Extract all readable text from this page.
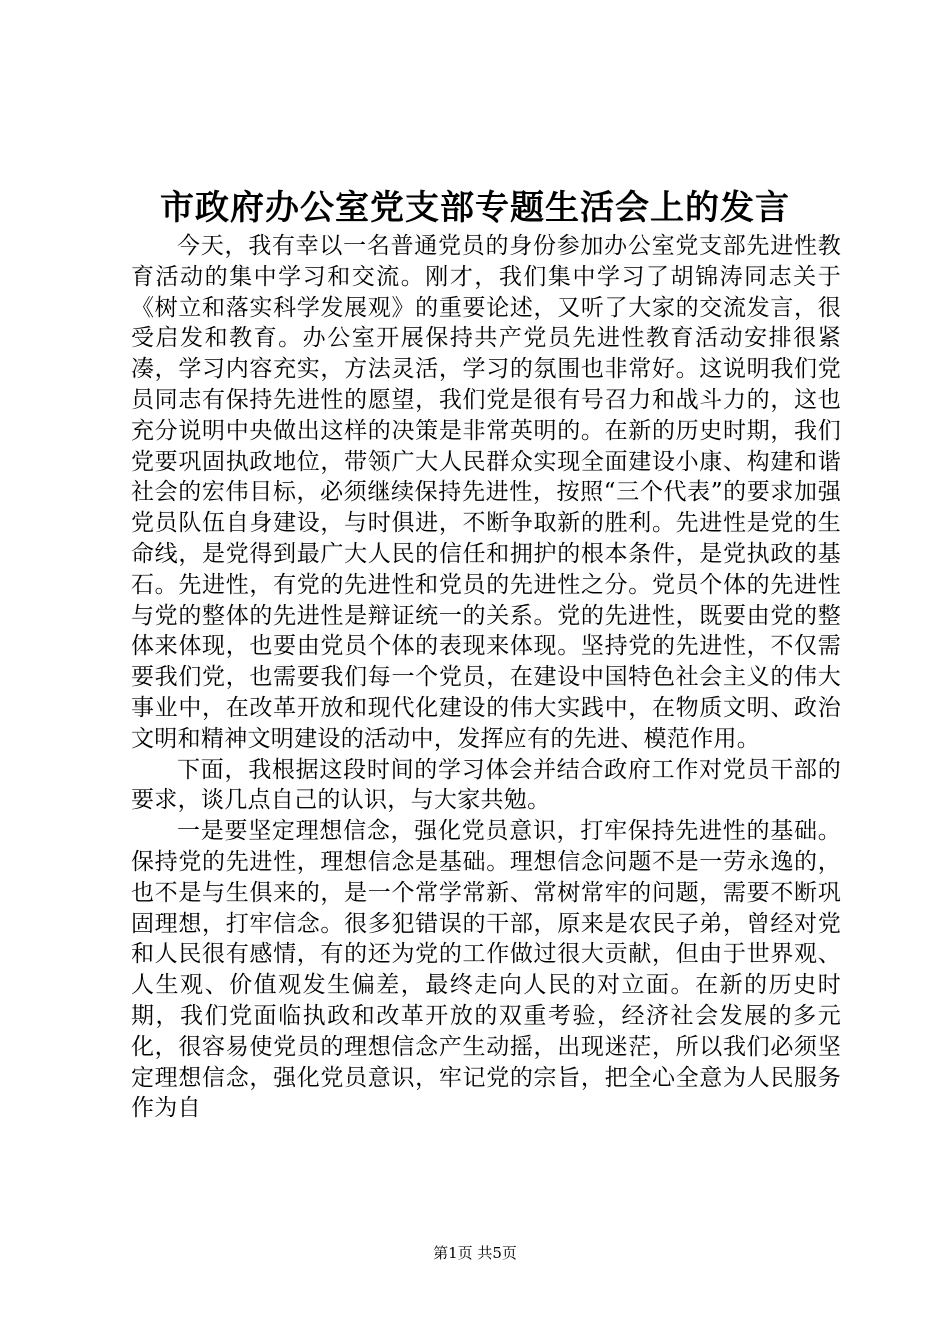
市政府办公室党支部专题生活会上的发言

今天，我有幸以一名普通党员的身份参加办公室党支部先进性教育活动的集中学习和交流。刚才，我们集中学习了胡锦涛同志关于《树立和落实科学发展观》的重要论述，又听了大家的交流发言，很受启发和教育。办公室开展保持共产党员先进性教育活动安排很紧凑，学习内容充实，方法灵活，学习的氛围也非常好。这说明我们党员同志有保持先进性的愿望，我们党是很有号召力和战斗力的，这也充分说明中央做出这样的决策是非常英明的。在新的历史时期，我们党要巩固执政地位，带领广大人民群众实现全面建设小康、构建和谐社会的宏伟目标，必须继续保持先进性，按照“三个代表”的要求加强党员队伍自身建设，与时俱进，不断争取新的胜利。先进性是党的生命线，是党得到最广大人民的信任和拥护的根本条件，是党执政的基石。先进性，有党的先进性和党员的先进性之分。党员个体的先进性与党的整体的先进性是辩证统一的关系。党的先进性，既要由党的整体来体现，也要由党员个体的表现来体现。坚持党的先进性，不仅需要我们党，也需要我们每一个党员，在建设中国特色社会主义的伟大事业中，在改革开放和现代化建设的伟大实践中，在物质文明、政治文明和精神文明建设的活动中，发挥应有的先进、模范作用。

下面，我根据这段时间的学习体会并结合政府工作对党员干部的要求，谈几点自己的认识，与大家共勉。

一是要坚定理想信念，强化党员意识，打牢保持先进性的基础。保持党的先进性，理想信念是基础。理想信念问题不是一劳永逸的，也不是与生俱来的，是一个常学常新、常树常牢的问题，需要不断巩固理想，打牢信念。很多犯错误的干部，原来是农民子弟，曾经对党和人民很有感情，有的还为党的工作做过很大贡献，但由于世界观、人生观、价值观发生偏差，最终走向人民的对立面。在新的历史时期，我们党面临执政和改革开放的双重考验，经济社会发展的多元化，很容易使党员的理想信念产生动摇，出现迷茫，所以我们必须坚定理想信念，强化党员意识，牢记党的宗旨，把全心全意为人民服务作为自

第1页 共5页
